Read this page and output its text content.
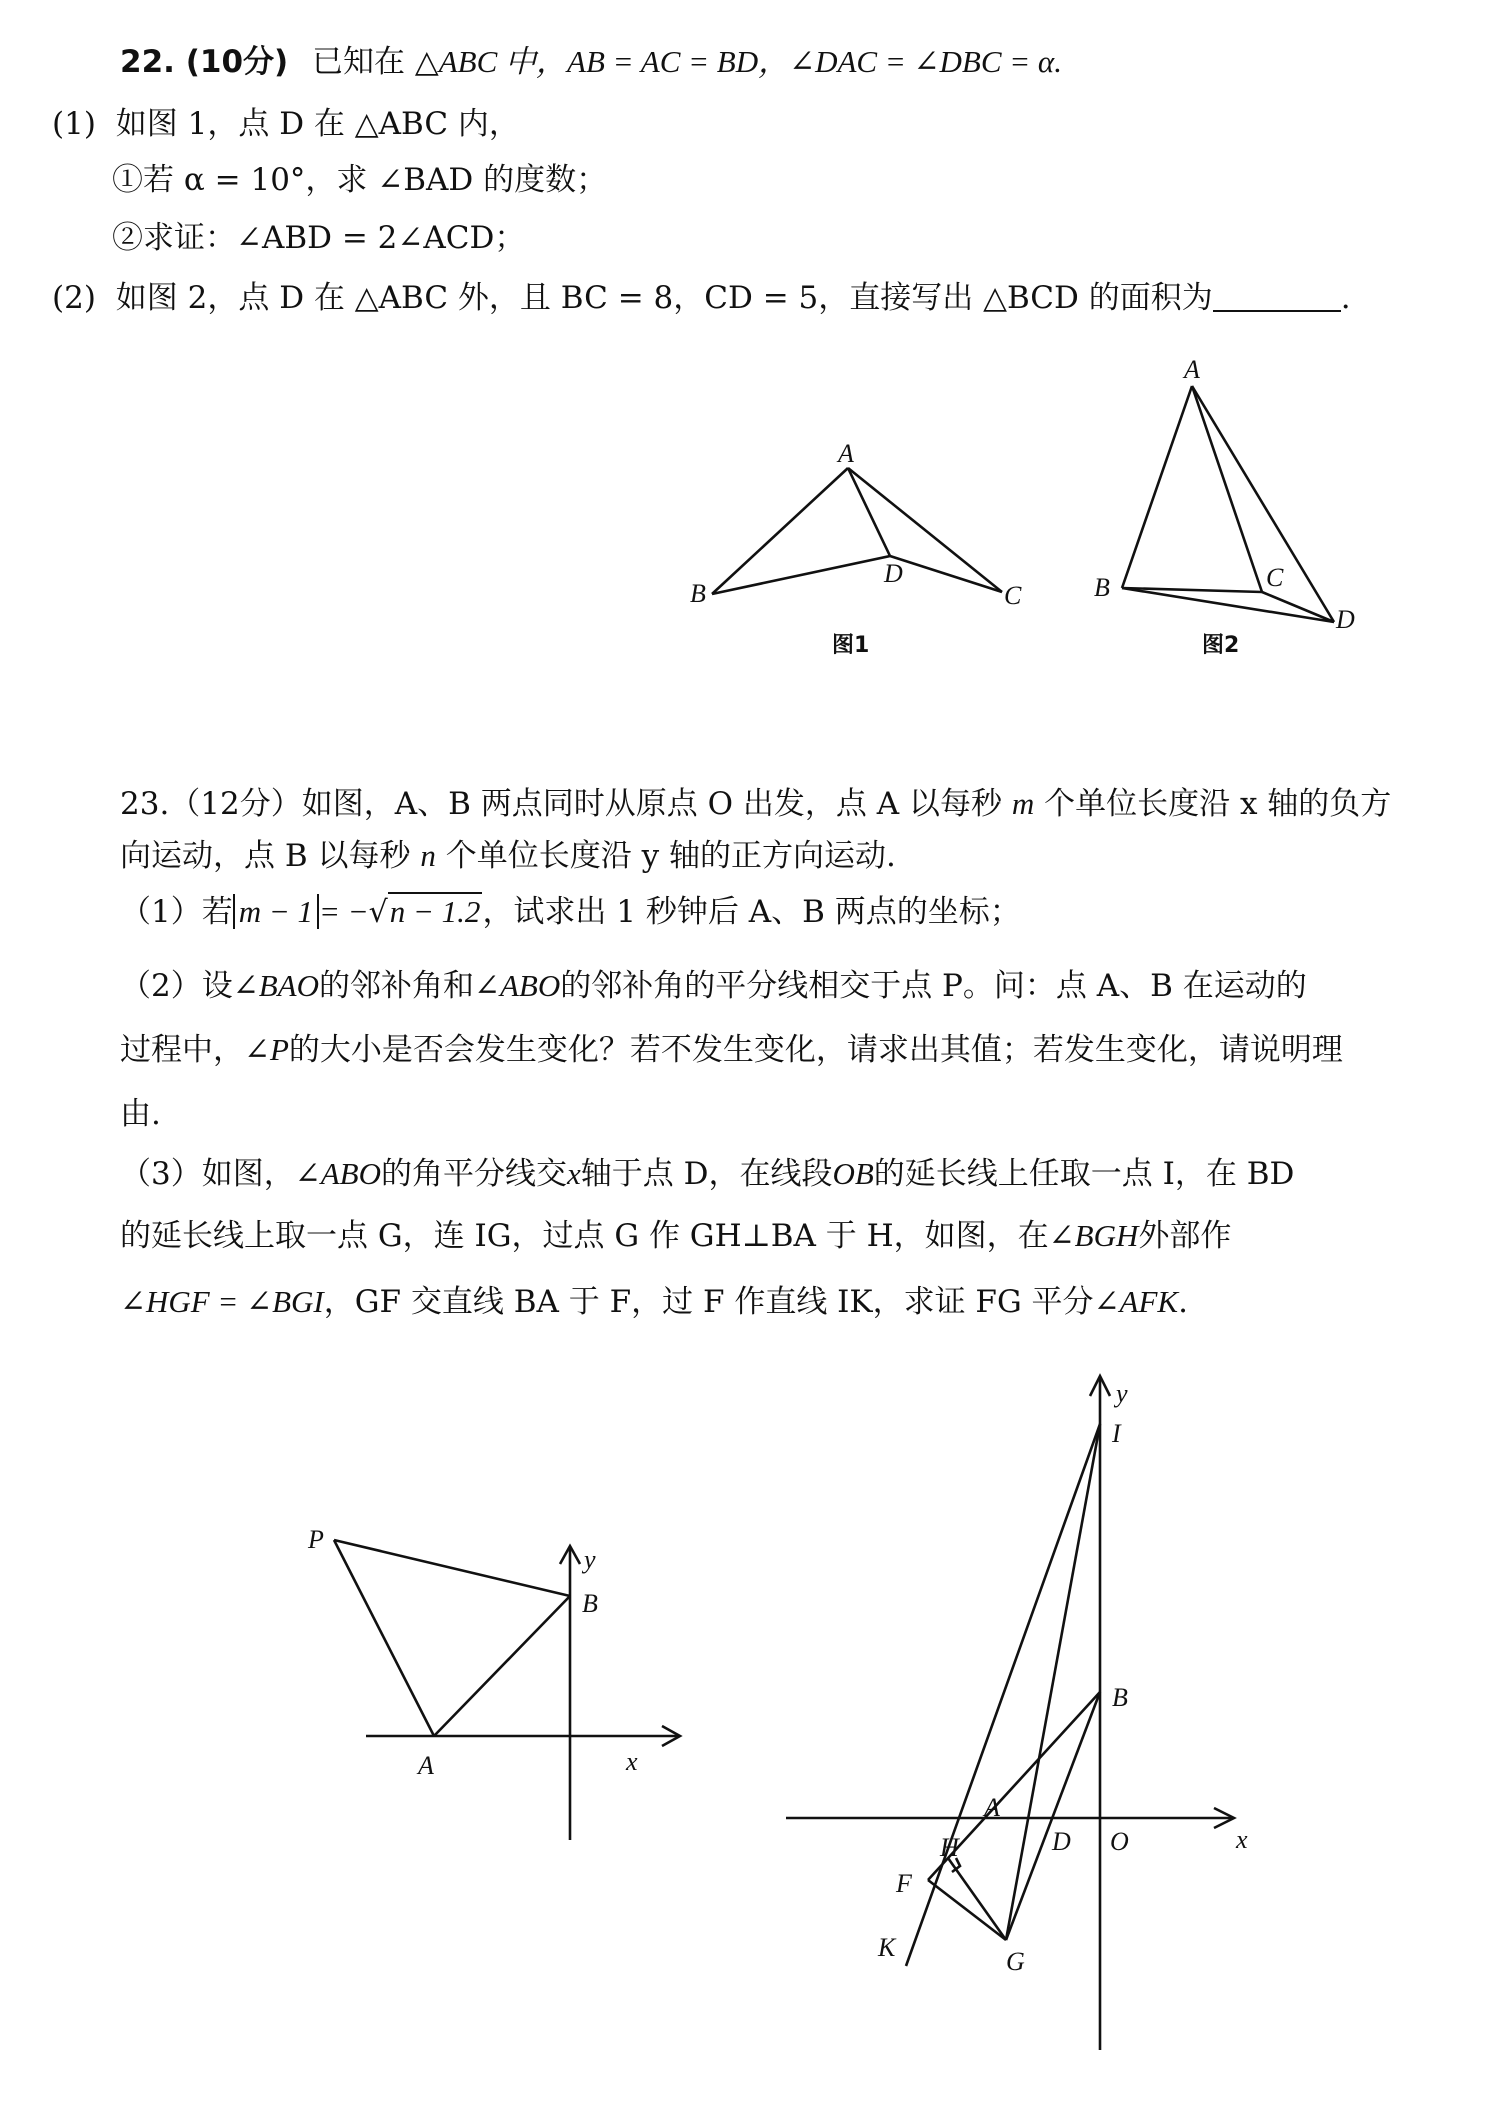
22. (10分) 已知在 △ABC 中，AB = AC = BD，∠DAC = ∠DBC = α.
(1) 如图 1，点 D 在 △ABC 内，
①若 α = 10°，求 ∠BAD 的度数；
②求证：∠ABD = 2∠ACD；
(2) 如图 2，点 D 在 △ABC 外，且 BC = 8，CD = 5，直接写出 △BCD 的面积为	.
A
B	C
D
图1
A
B	C
D
图2
23.（12分）如图，A、B 两点同时从原点 O 出发，点 A 以每秒 m 个单位长度沿 x 轴的负方
向运动，点 B 以每秒 n 个单位长度沿 y 轴的正方向运动.
（1）若 m − 1 = −√n − 1.2，试求出 1 秒钟后 A、B 两点的坐标；
（2）设∠BAO的邻补角和∠ABO的邻补角的平分线相交于点 P。问：点 A、B 在运动的
过程中，∠P的大小是否会发生变化？若不发生变化，请求出其值；若发生变化，请说明理
由.
（3）如图，∠ABO的角平分线交x轴于点 D，在线段OB的延长线上任取一点 I，在 BD
的延长线上取一点 G，连 IG，过点 G 作 GH⊥BA 于 H，如图，在∠BGH外部作
∠HGF = ∠BGI，GF 交直线 BA 于 F，过 F 作直线 IK，求证 FG 平分∠AFK.
P
B
y
A	x
y
I
B
A
H	D O	x
F
K	G
